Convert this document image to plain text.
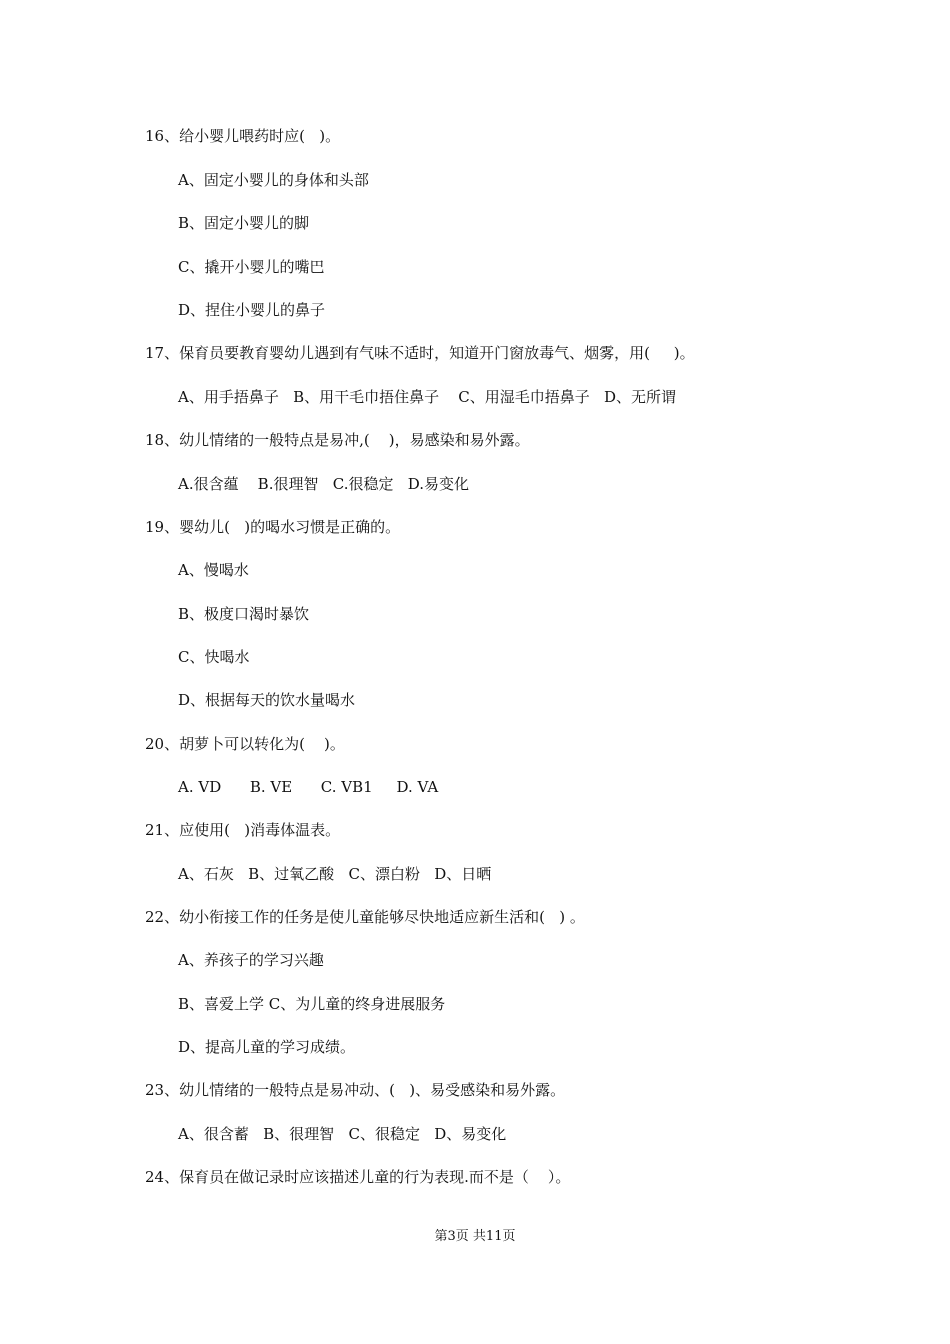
16、给小婴儿喂药时应(   )。
A、固定小婴儿的身体和头部
B、固定小婴儿的脚
C、撬开小婴儿的嘴巴
D、捏住小婴儿的鼻子
17、保育员要教育婴幼儿遇到有气味不适时，知道开门窗放毒气、烟雾，用(     )。
A、用手捂鼻子   B、用干毛巾捂住鼻子    C、用湿毛巾捂鼻子   D、无所谓
18、幼儿情绪的一般特点是易冲,(    )，易感染和易外露。
A.很含蕴    B.很理智   C.很稳定   D.易变化
19、婴幼儿(   )的喝水习惯是正确的。
A、慢喝水
B、极度口渴时暴饮
C、快喝水
D、根据每天的饮水量喝水
20、胡萝卜可以转化为(    )。
A. VD      B. VE      C. VB1     D. VA
21、应使用(   )消毒体温表。
A、石灰   B、过氧乙酸   C、漂白粉   D、日晒
22、幼小衔接工作的任务是使儿童能够尽快地适应新生活和(   ) 。
A、养孩子的学习兴趣
B、喜爱上学 C、为儿童的终身进展服务
D、提高儿童的学习成绩。
23、幼儿情绪的一般特点是易冲动、(   )、易受感染和易外露。
A、很含蓄   B、很理智   C、很稳定   D、易变化
24、保育员在做记录时应该描述儿童的行为表现.而不是（    ）。
第3页 共11页
